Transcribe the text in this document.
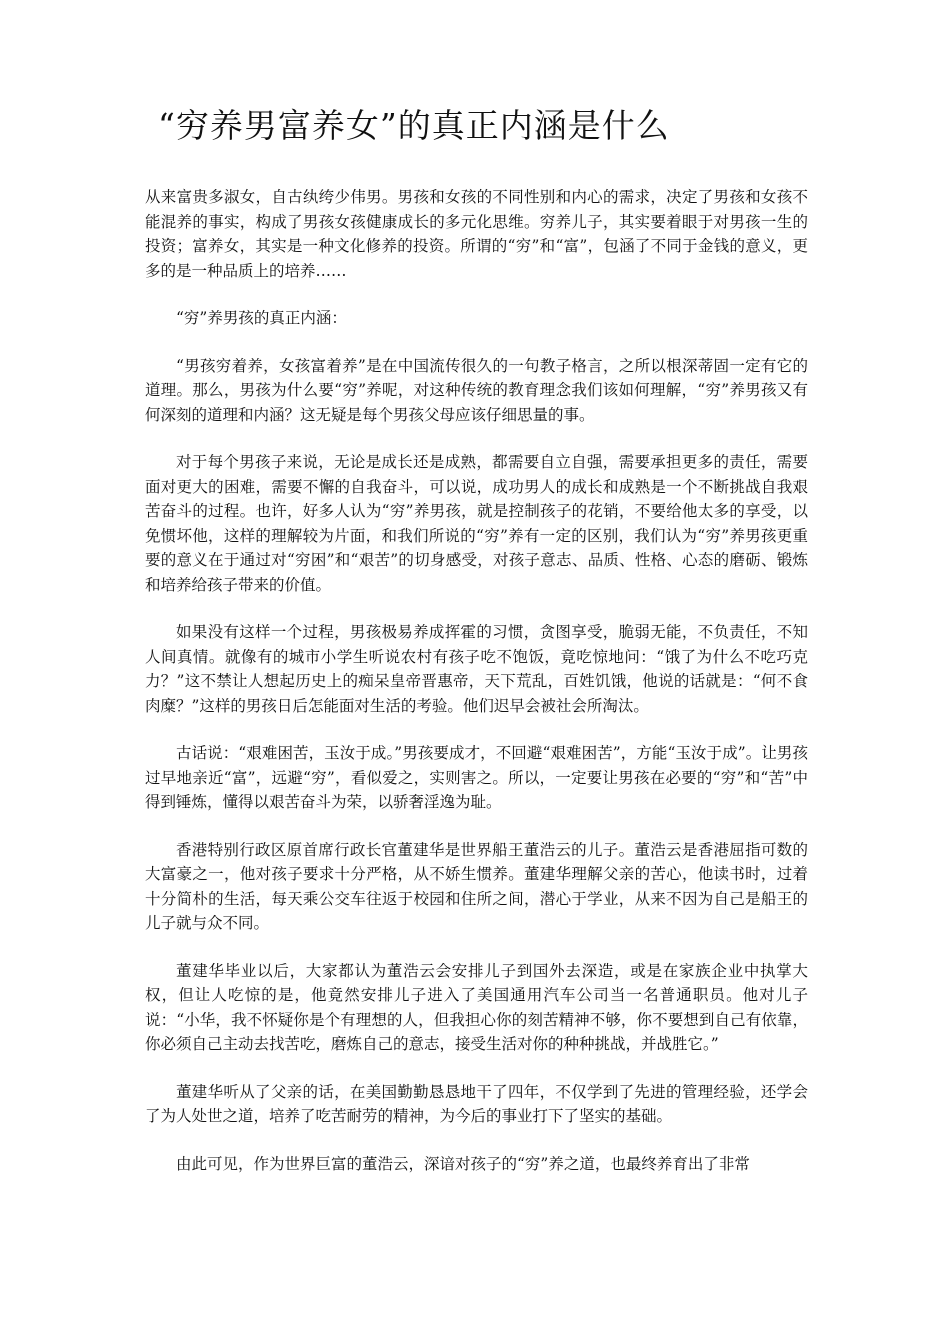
“穷养男富养女”的真正内涵是什么

从来富贵多淑女，自古纨绔少伟男。男孩和女孩的不同性别和内心的需求，决定了男孩和女孩不能混养的事实，构成了男孩女孩健康成长的多元化思维。穷养儿子，其实要着眼于对男孩一生的投资；富养女，其实是一种文化修养的投资。所谓的“穷”和“富”，包涵了不同于金钱的意义，更多的是一种品质上的培养……

“穷”养男孩的真正内涵：

“男孩穷着养，女孩富着养”是在中国流传很久的一句教子格言，之所以根深蒂固一定有它的道理。那么，男孩为什么要“穷”养呢，对这种传统的教育理念我们该如何理解，“穷”养男孩又有何深刻的道理和内涵？这无疑是每个男孩父母应该仔细思量的事。

对于每个男孩子来说，无论是成长还是成熟，都需要自立自强，需要承担更多的责任，需要面对更大的困难，需要不懈的自我奋斗，可以说，成功男人的成长和成熟是一个不断挑战自我艰苦奋斗的过程。也许，好多人认为“穷”养男孩，就是控制孩子的花销，不要给他太多的享受，以免惯坏他，这样的理解较为片面，和我们所说的“穷”养有一定的区别，我们认为“穷”养男孩更重要的意义在于通过对“穷困”和“艰苦”的切身感受，对孩子意志、品质、性格、心态的磨砺、锻炼和培养给孩子带来的价值。

如果没有这样一个过程，男孩极易养成挥霍的习惯，贪图享受，脆弱无能，不负责任，不知人间真情。就像有的城市小学生听说农村有孩子吃不饱饭，竟吃惊地问：“饿了为什么不吃巧克力？”这不禁让人想起历史上的痴呆皇帝晋惠帝，天下荒乱，百姓饥饿，他说的话就是：“何不食肉糜？”这样的男孩日后怎能面对生活的考验。他们迟早会被社会所淘汰。

古话说：“艰难困苦，玉汝于成。”男孩要成才，不回避“艰难困苦”，方能“玉汝于成”。让男孩过早地亲近“富”，远避“穷”，看似爱之，实则害之。所以，一定要让男孩在必要的“穷”和“苦”中得到锤炼，懂得以艰苦奋斗为荣，以骄奢淫逸为耻。

香港特别行政区原首席行政长官董建华是世界船王董浩云的儿子。董浩云是香港屈指可数的大富豪之一，他对孩子要求十分严格，从不娇生惯养。董建华理解父亲的苦心，他读书时，过着十分简朴的生活，每天乘公交车往返于校园和住所之间，潜心于学业，从来不因为自己是船王的儿子就与众不同。

董建华毕业以后，大家都认为董浩云会安排儿子到国外去深造，或是在家族企业中执掌大权，但让人吃惊的是，他竟然安排儿子进入了美国通用汽车公司当一名普通职员。他对儿子说：“小华，我不怀疑你是个有理想的人，但我担心你的刻苦精神不够，你不要想到自己有依靠，你必须自己主动去找苦吃，磨炼自己的意志，接受生活对你的种种挑战，并战胜它。”

董建华听从了父亲的话，在美国勤勤恳恳地干了四年，不仅学到了先进的管理经验，还学会了为人处世之道，培养了吃苦耐劳的精神，为今后的事业打下了坚实的基础。

由此可见，作为世界巨富的董浩云，深谙对孩子的“穷”养之道，也最终养育出了非常
